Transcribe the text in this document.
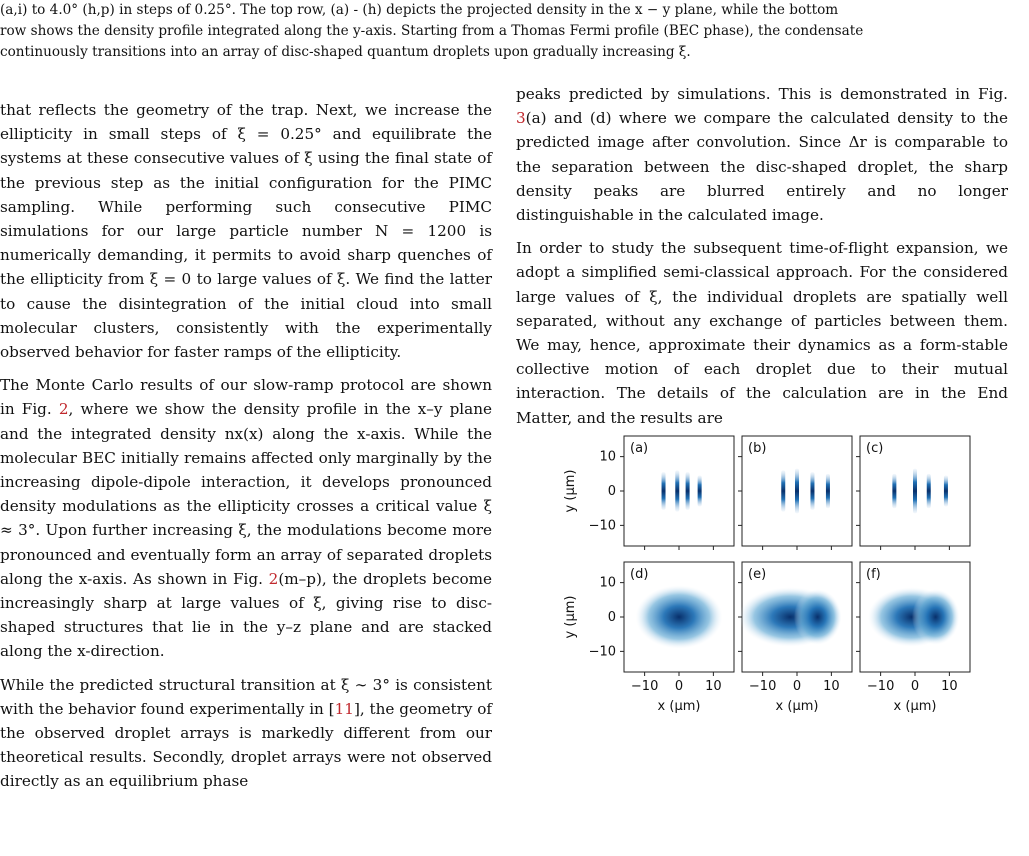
(a,i) to 4.0° (h,p) in steps of 0.25°. The top row, (a) - (h) depicts the projected density in the x − y plane, while the bottom

row shows the density profile integrated along the y-axis. Starting from a Thomas Fermi profile (BEC phase), the condensate

continuously transitions into an array of disc-shaped quantum droplets upon gradually increasing ξ.

that reflects the geometry of the trap. Next, we increase the ellipticity in small steps of ξ = 0.25° and equilibrate the systems at these consecutive values of ξ using the final state of the previous step as the initial configuration for the PIMC sampling. While performing such consecutive PIMC simulations for our large particle number N = 1200 is numerically demanding, it permits to avoid sharp quenches of the ellipticity from ξ = 0 to large values of ξ. We find the latter to cause the disintegration of the initial cloud into small molecular clusters, consistently with the experimentally observed behavior for faster ramps of the ellipticity.

The Monte Carlo results of our slow-ramp protocol are shown in Fig. 2, where we show the density profile in the x–y plane and the integrated density nx(x) along the x-axis. While the molecular BEC initially remains affected only marginally by the increasing dipole-dipole interaction, it develops pronounced density modulations as the ellipticity crosses a critical value ξ ≈ 3°. Upon further increasing ξ, the modulations become more pronounced and eventually form an array of separated droplets along the x-axis. As shown in Fig. 2(m–p), the droplets become increasingly sharp at large values of ξ, giving rise to disc-shaped structures that lie in the y–z plane and are stacked along the x-direction.

While the predicted structural transition at ξ ∼ 3° is consistent with the behavior found experimentally in [11], the geometry of the observed droplet arrays is markedly different from our theoretical results. Secondly, droplet arrays were not observed directly as an equilibrium phase

peaks predicted by simulations. This is demonstrated in Fig. 3(a) and (d) where we compare the calculated density to the predicted image after convolution. Since Δr is comparable to the separation between the disc-shaped droplet, the sharp density peaks are blurred entirely and no longer distinguishable in the calculated image.

In order to study the subsequent time-of-flight expansion, we adopt a simplified semi-classical approach. For the considered large values of ξ, the individual droplets are spatially well separated, without any exchange of particles between them. We may, hence, approximate their dynamics as a form-stable collective motion of each droplet due to their mutual interaction. The details of the calculation are in the End Matter, and the results are

(a)	(b)	(c)
10
0
−10
y (μm)
(d)	(e)	(f)
10
0
−10
y (μm)
−10 0 10
x (μm)
−10 0 10
x (μm)
−10 0 10
x (μm)
